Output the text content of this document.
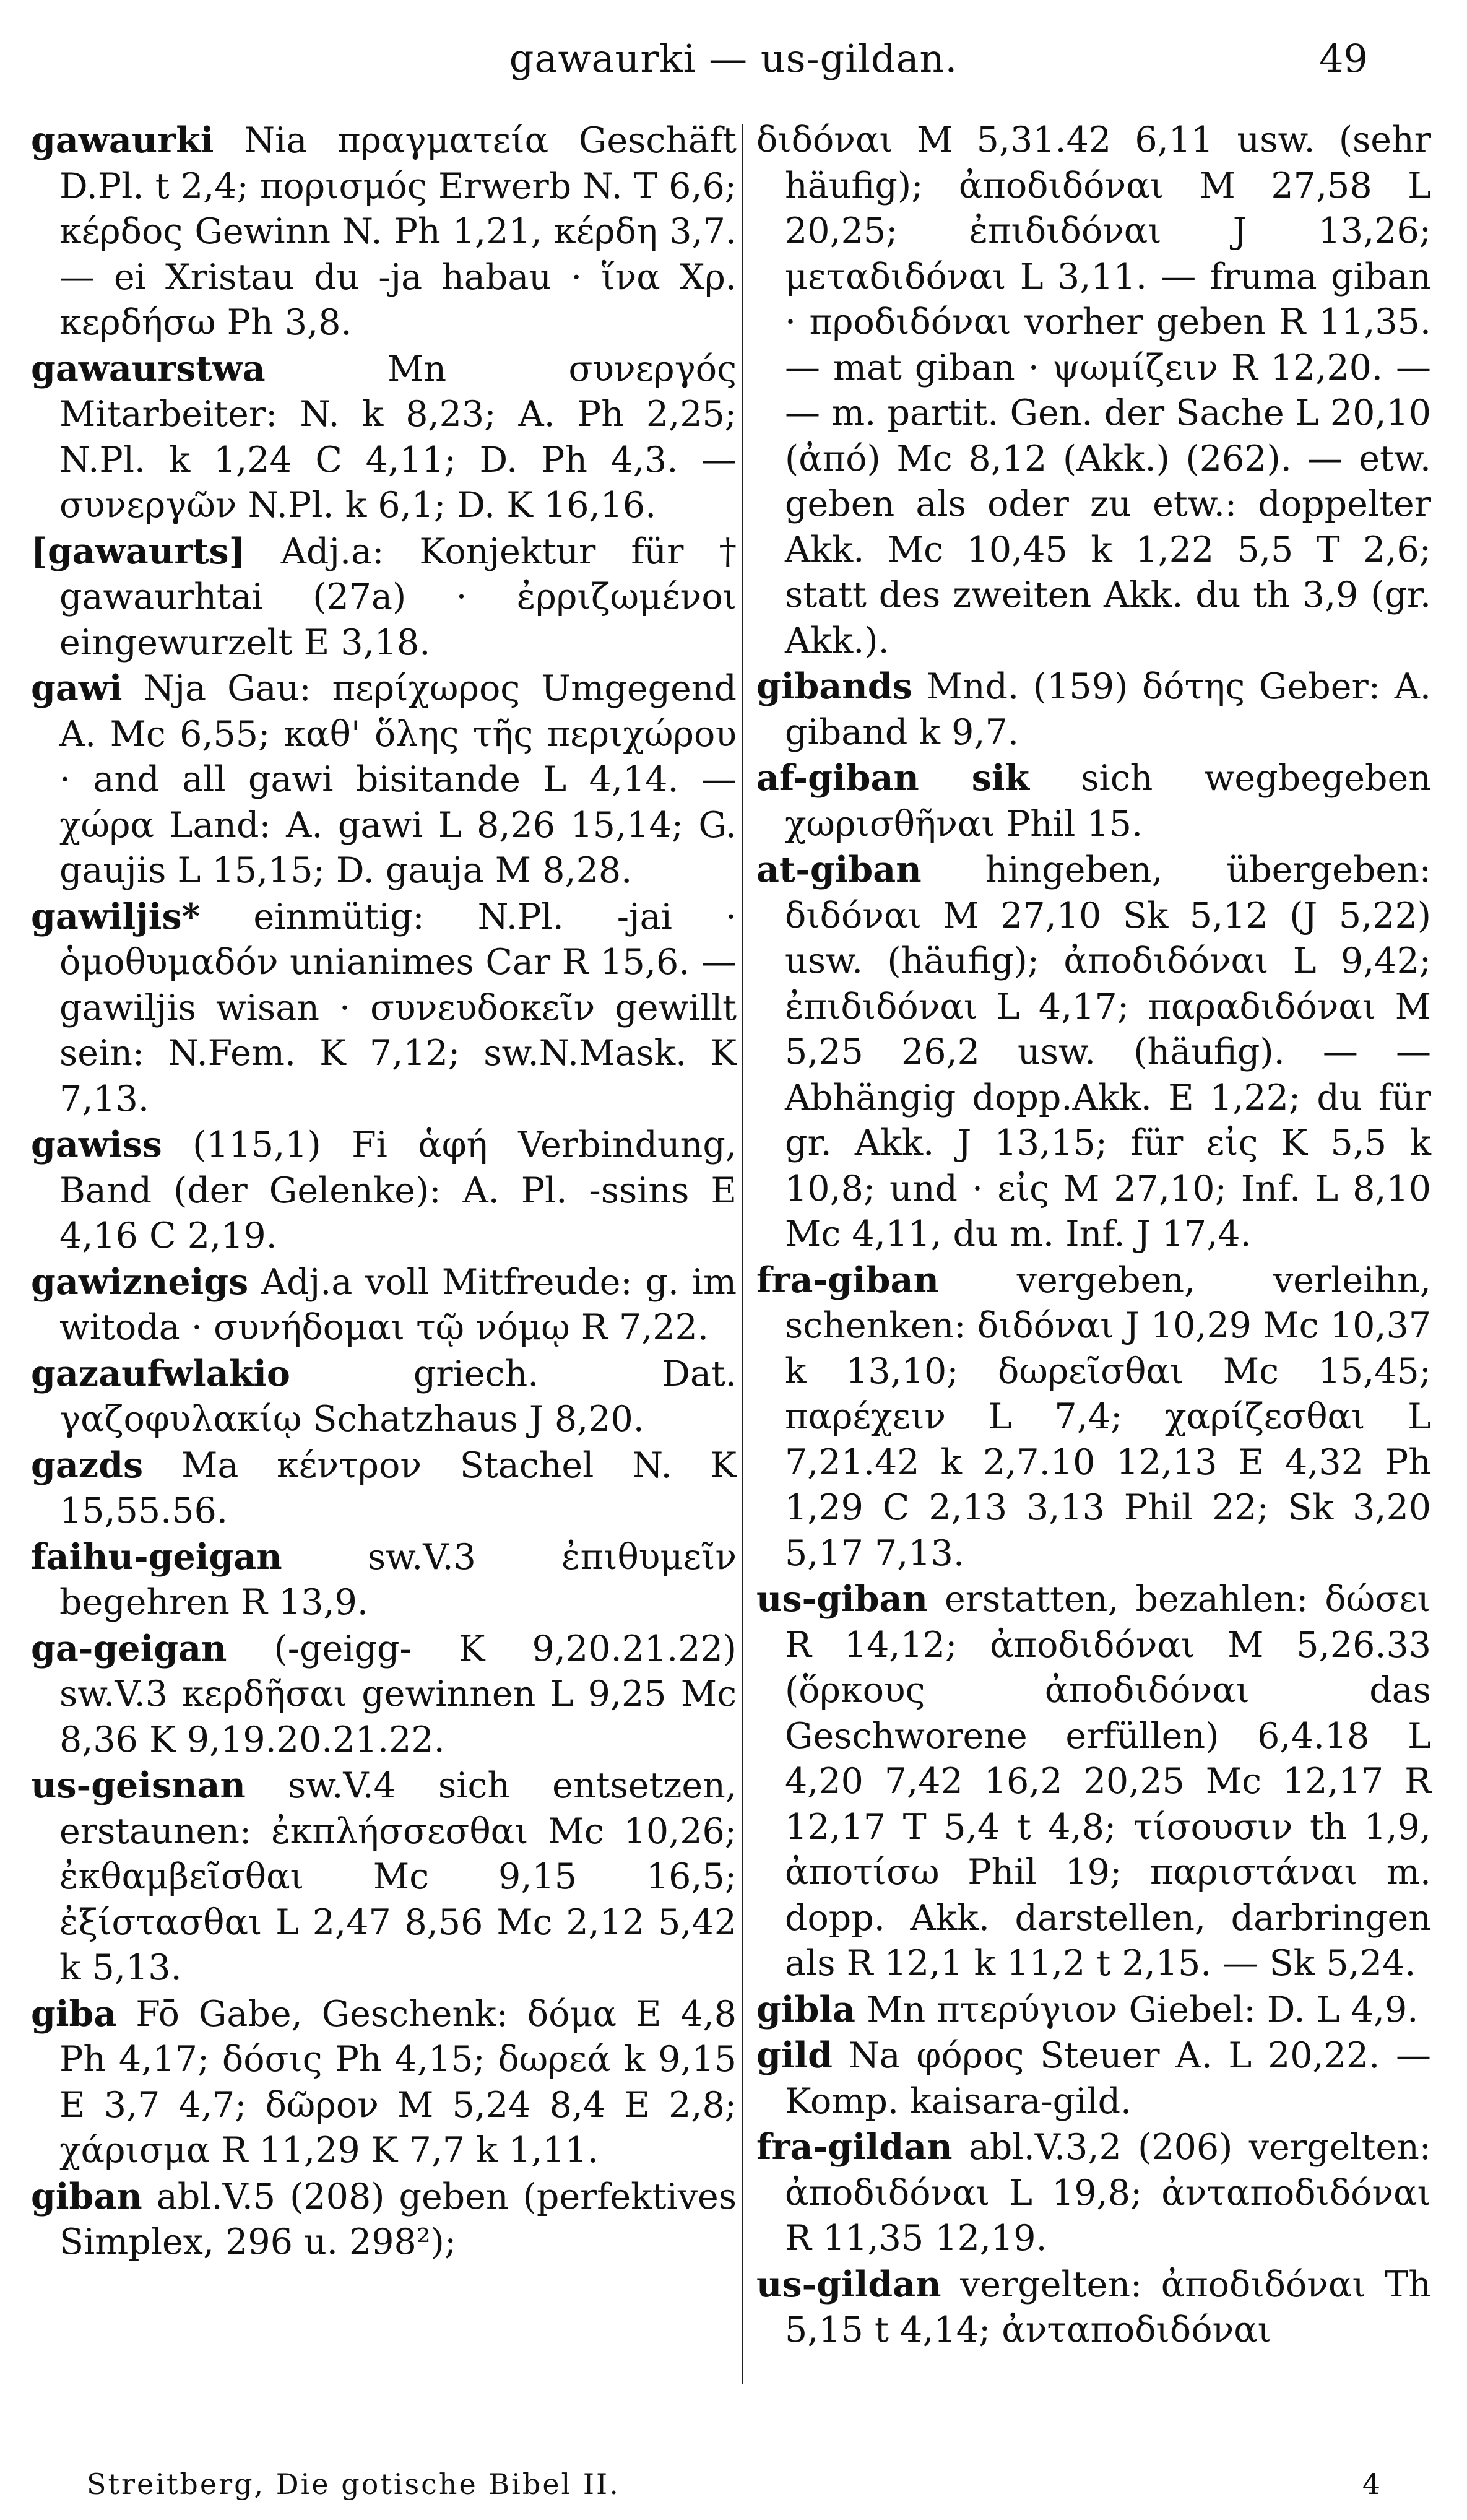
gawaurki — us-gildan.	49

gawaurki Nia πραγματεία Geschäft D.Pl. t 2,4; πορισμός Erwerb N. T 6,6; κέρδος Gewinn N. Ph 1,21, κέρδη 3,7. — ei Xristau du -ja habau · ἵνα Χρ. κερδήσω Ph 3,8.

gawaurstwa	Mn συνεργός Mitarbeiter: N. k 8,23; A. Ph 2,25; N.Pl. k 1,24 C 4,11; D. Ph 4,3. — συνεργῶν N.Pl. k 6,1; D. K 16,16.

[gawaurts] Adj.a: Konjektur für † gawaurhtai (27a) · ἐρριζωμένοι eingewurzelt E 3,18.

gawi Nja Gau: περίχωρος Umgegend A. Mc 6,55; καθ' ὅλης τῆς περιχώρου · and all gawi bisitande L 4,14. — χώρα Land: A. gawi L 8,26 15,14; G. gaujis L 15,15; D. gauja M 8,28.

gawiljis* einmütig: N.Pl. -jai · ὁμοθυμαδόν unianimes Car R 15,6. — gawiljis wisan · συνευδοκεῖν gewillt sein: N.Fem. K 7,12; sw.N.Mask. K 7,13.

gawiss (115,1) Fi ἁφή Verbindung, Band (der Gelenke): A. Pl. -ssins E 4,16 C 2,19.

gawizneigs Adj.a voll Mitfreude: g. im witoda · συνήδομαι τῷ νόμῳ R 7,22.

gazaufwlakio	griech. Dat. γαζοφυλακίῳ Schatzhaus J 8,20.

gazds Ma κέντρον Stachel N. K 15,55.56.

faihu-geigan sw.V.3 ἐπιθυμεῖν begehren R 13,9.

ga-geigan (-geigg- K 9,20.21.22) sw.V.3 κερδῆσαι gewinnen L 9,25 Mc 8,36 K 9,19.20.21.22.

us-geisnan sw.V.4 sich entsetzen, erstaunen: ἐκπλήσσεσθαι Mc 10,26; ἐκθαμβεῖσθαι Mc 9,15 16,5; ἐξίστασθαι L 2,47 8,56 Mc 2,12 5,42 k 5,13.

giba Fō Gabe, Geschenk: δόμα E 4,8 Ph 4,17; δόσις Ph 4,15; δωρεά k 9,15 E 3,7 4,7; δῶρον M 5,24 8,4 E 2,8; χάρισμα R 11,29 K 7,7 k 1,11.

giban abl.V.5 (208) geben (perfektives Simplex, 296 u. 298²);

διδόναι M 5,31.42 6,11 usw. (sehr häufig); ἀποδιδόναι M 27,58 L 20,25; ἐπιδιδόναι J 13,26; μεταδιδόναι L 3,11. — fruma giban · προδιδόναι vorher geben R 11,35. — mat giban · ψωμίζειν R 12,20. — — m. partit. Gen. der Sache L 20,10 (ἀπό) Mc 8,12 (Akk.) (262). — etw. geben als oder zu etw.: doppelter Akk. Mc 10,45 k 1,22 5,5 T 2,6; statt des zweiten Akk. du th 3,9 (gr. Akk.).

gibands Mnd. (159) δότης Geber: A. giband k 9,7.

af-giban sik sich wegbegeben χωρισθῆναι Phil 15.

at-giban hingeben, übergeben: διδόναι M 27,10 Sk 5,12 (J 5,22) usw. (häufig); ἀποδιδόναι L 9,42; ἐπιδιδόναι L 4,17; παραδιδόναι M 5,25 26,2 usw. (häufig). — — Abhängig dopp.Akk. E 1,22; du für gr. Akk. J 13,15; für εἰς K 5,5 k 10,8; und · εἰς M 27,10; Inf. L 8,10 Mc 4,11, du m. Inf. J 17,4.

fra-giban vergeben, verleihn, schenken: διδόναι J 10,29 Mc 10,37 k 13,10; δωρεῖσθαι Mc 15,45; παρέχειν L 7,4; χαρίζεσθαι L 7,21.42 k 2,7.10 12,13 E 4,32 Ph 1,29 C 2,13 3,13 Phil 22; Sk 3,20 5,17 7,13.

us-giban erstatten, bezahlen: δώσει R 14,12; ἀποδιδόναι M 5,26.33 (ὅρκους ἀποδιδόναι das Geschworene erfüllen) 6,4.18 L 4,20 7,42 16,2 20,25 Mc 12,17 R 12,17 T 5,4 t 4,8; τίσουσιν th 1,9, ἀποτίσω Phil 19; παριστάναι m. dopp. Akk. darstellen, darbringen als R 12,1 k 11,2 t 2,15. — Sk 5,24.

gibla Mn πτερύγιον Giebel: D. L 4,9.

gild Na φόρος Steuer A. L 20,22. — Komp. kaisara-gild.

fra-gildan abl.V.3,2 (206) vergelten: ἀποδιδόναι L 19,8; ἀνταποδιδόναι R 11,35 12,19.

us-gildan vergelten: ἀποδιδόναι Th 5,15 t 4,14; ἀνταποδιδόναι

Streitberg, Die gotische Bibel II.	4
